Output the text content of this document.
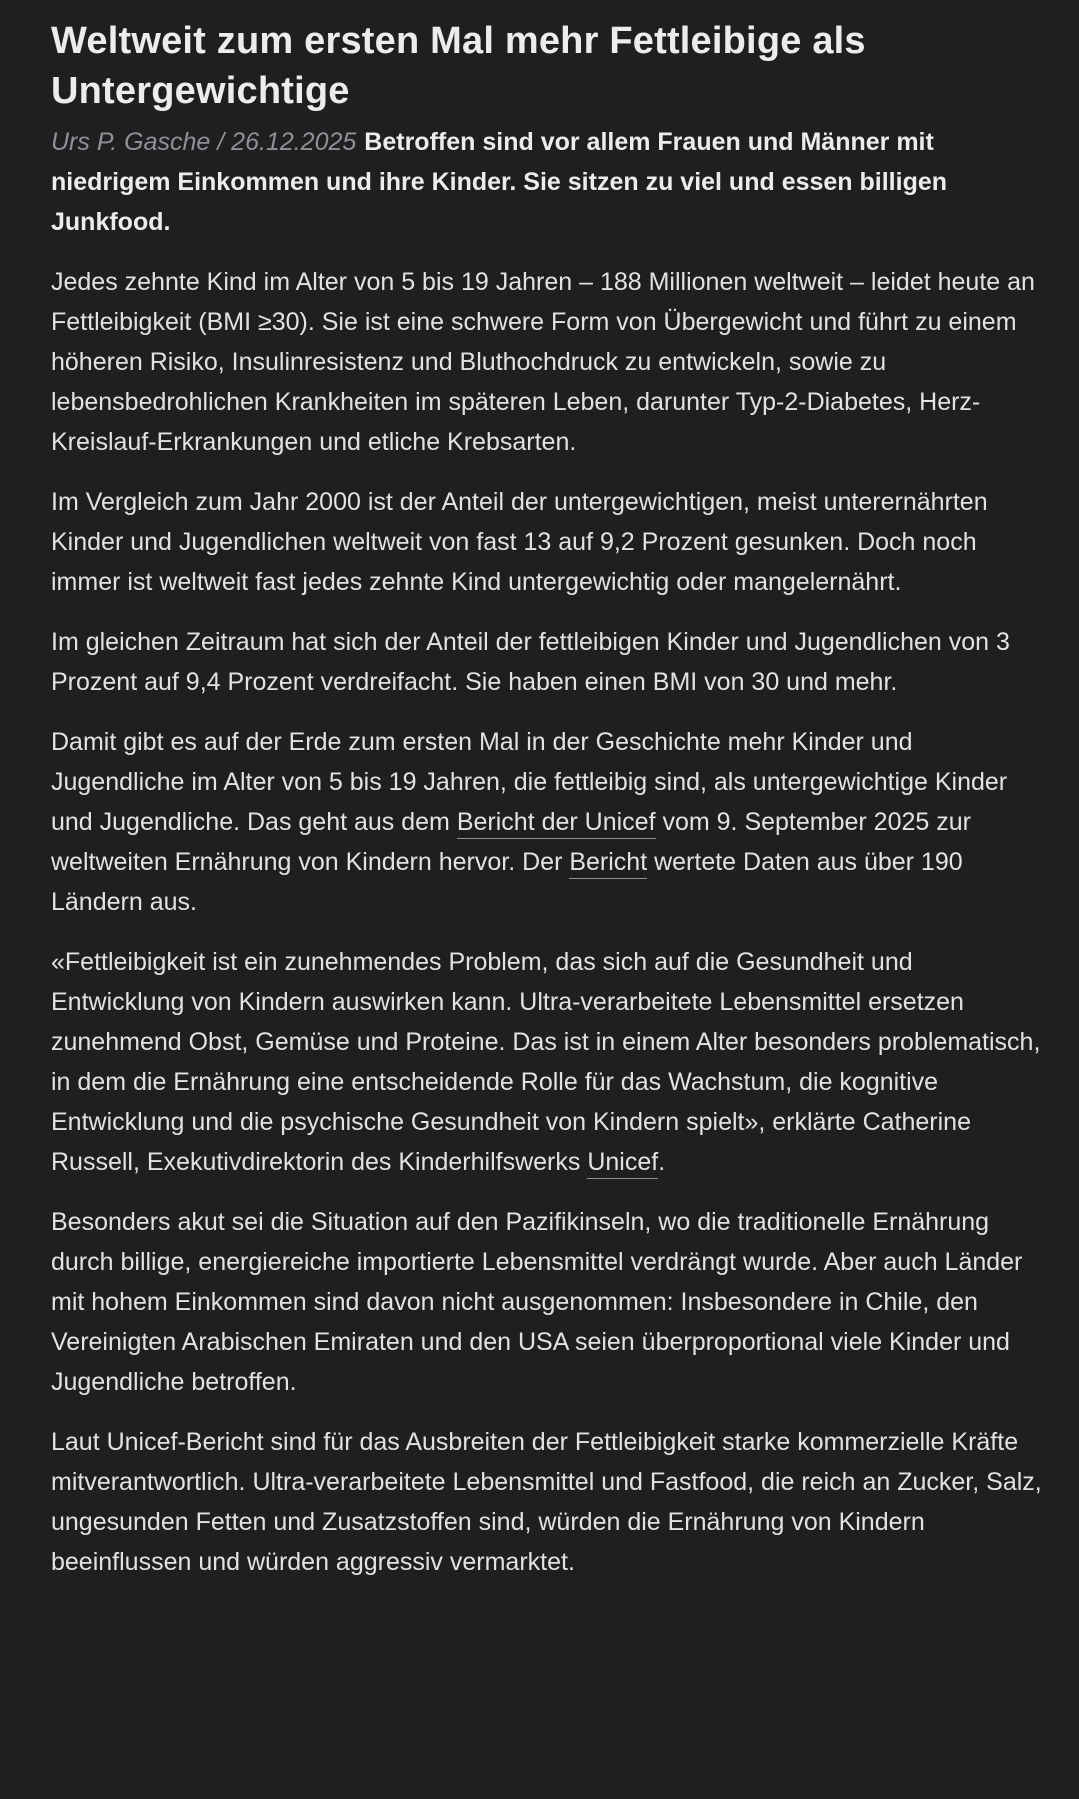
Weltweit zum ersten Mal mehr Fettleibige als Untergewichtige

Urs P. Gasche / 26.12.2025 Betroffen sind vor allem Frauen und Männer mit niedrigem Einkommen und ihre Kinder. Sie sitzen zu viel und essen billigen Junkfood.

Jedes zehnte Kind im Alter von 5 bis 19 Jahren – 188 Millionen weltweit – leidet heute an Fettleibigkeit (BMI ≥30). Sie ist eine schwere Form von Übergewicht und führt zu einem höheren Risiko, Insulinresistenz und Bluthochdruck zu entwickeln, sowie zu lebensbedrohlichen Krankheiten im späteren Leben, darunter Typ-2-Diabetes, Herz-Kreislauf-Erkrankungen und etliche Krebsarten.

Im Vergleich zum Jahr 2000 ist der Anteil der untergewichtigen, meist unterernährten Kinder und Jugendlichen weltweit von fast 13 auf 9,2 Prozent gesunken. Doch noch immer ist weltweit fast jedes zehnte Kind untergewichtig oder mangelernährt.

Im gleichen Zeitraum hat sich der Anteil der fettleibigen Kinder und Jugendlichen von 3 Prozent auf 9,4 Prozent verdreifacht. Sie haben einen BMI von 30 und mehr.

Damit gibt es auf der Erde zum ersten Mal in der Geschichte mehr Kinder und Jugendliche im Alter von 5 bis 19 Jahren, die fettleibig sind, als untergewichtige Kinder und Jugendliche. Das geht aus dem Bericht der Unicef vom 9. September 2025 zur weltweiten Ernährung von Kindern hervor. Der Bericht wertete Daten aus über 190 Ländern aus.

«Fettleibigkeit ist ein zunehmendes Problem, das sich auf die Gesundheit und Entwicklung von Kindern auswirken kann. Ultra-verarbeitete Lebensmittel ersetzen zunehmend Obst, Gemüse und Proteine. Das ist in einem Alter besonders problematisch, in dem die Ernährung eine entscheidende Rolle für das Wachstum, die kognitive Entwicklung und die psychische Gesundheit von Kindern spielt», erklärte Catherine Russell, Exekutivdirektorin des Kinderhilfswerks Unicef.

Besonders akut sei die Situation auf den Pazifikinseln, wo die traditionelle Ernährung durch billige, energiereiche importierte Lebensmittel verdrängt wurde. Aber auch Länder mit hohem Einkommen sind davon nicht ausgenommen: Insbesondere in Chile, den Vereinigten Arabischen Emiraten und den USA seien überproportional viele Kinder und Jugendliche betroffen.

Laut Unicef-Bericht sind für das Ausbreiten der Fettleibigkeit starke kommerzielle Kräfte mitverantwortlich. Ultra-verarbeitete Lebensmittel und Fastfood, die reich an Zucker, Salz, ungesunden Fetten und Zusatzstoffen sind, würden die Ernährung von Kindern beeinflussen und würden aggressiv vermarktet.
